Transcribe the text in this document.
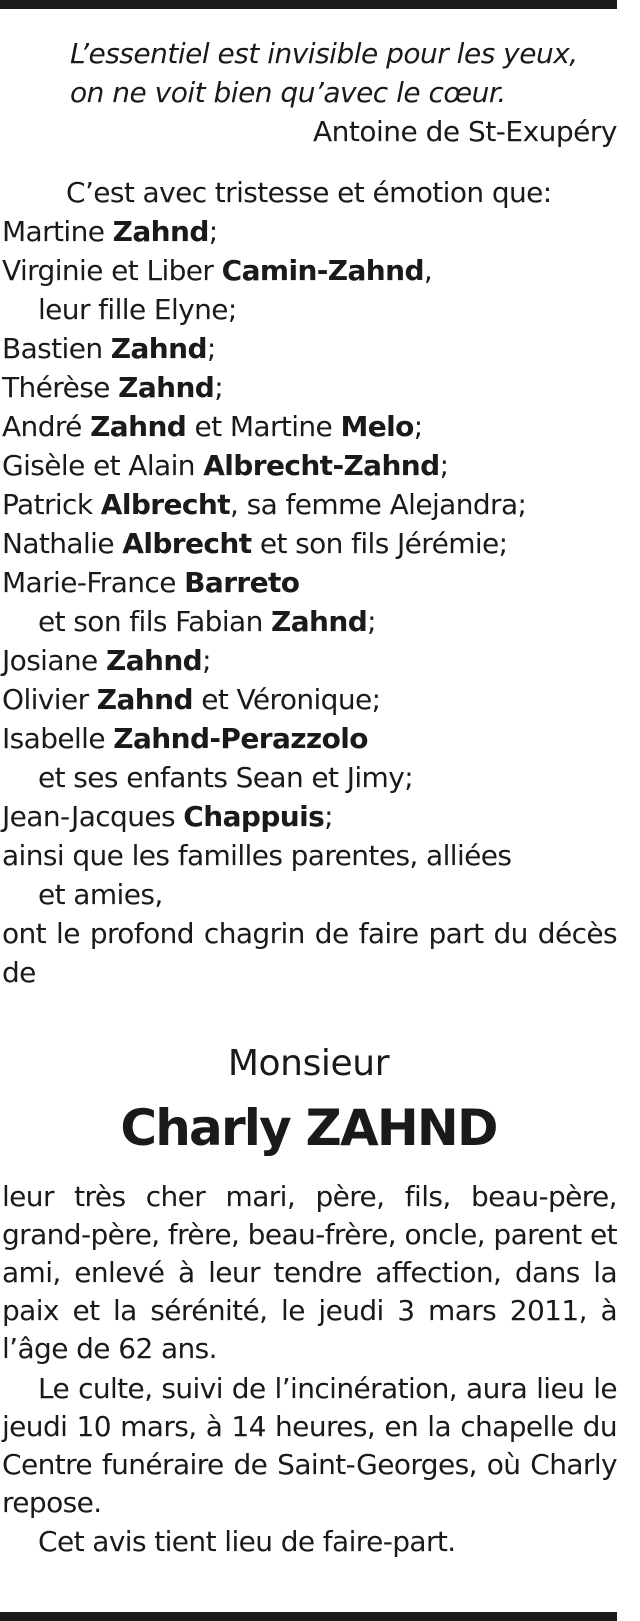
L’essentiel est invisible pour les yeux,
on ne voit bien qu’avec le cœur.
Antoine de St-Exupéry
C’est avec tristesse et émotion que:
Martine Zahnd;
Virginie et Liber Camin-Zahnd,
leur fille Elyne;
Bastien Zahnd;
Thérèse Zahnd;
André Zahnd et Martine Melo;
Gisèle et Alain Albrecht-Zahnd;
Patrick Albrecht, sa femme Alejandra;
Nathalie Albrecht et son fils Jérémie;
Marie-France Barreto
et son fils Fabian Zahnd;
Josiane Zahnd;
Olivier Zahnd et Véronique;
Isabelle Zahnd-Perazzolo
et ses enfants Sean et Jimy;
Jean-Jacques Chappuis;
ainsi que les familles parentes, alliées
et amies,
ont le profond chagrin de faire part du décès de
Monsieur
Charly ZAHND
leur très cher mari, père, fils, beau-père, grand-père, frère, beau-frère, oncle, parent et ami, enlevé à leur tendre affection, dans la paix et la sérénité, le jeudi 3 mars 2011, à l’âge de 62 ans.
Le culte, suivi de l’incinération, aura lieu le jeudi 10 mars, à 14 heures, en la chapelle du Centre funéraire de Saint-Georges, où Charly repose.
Cet avis tient lieu de faire-part.
